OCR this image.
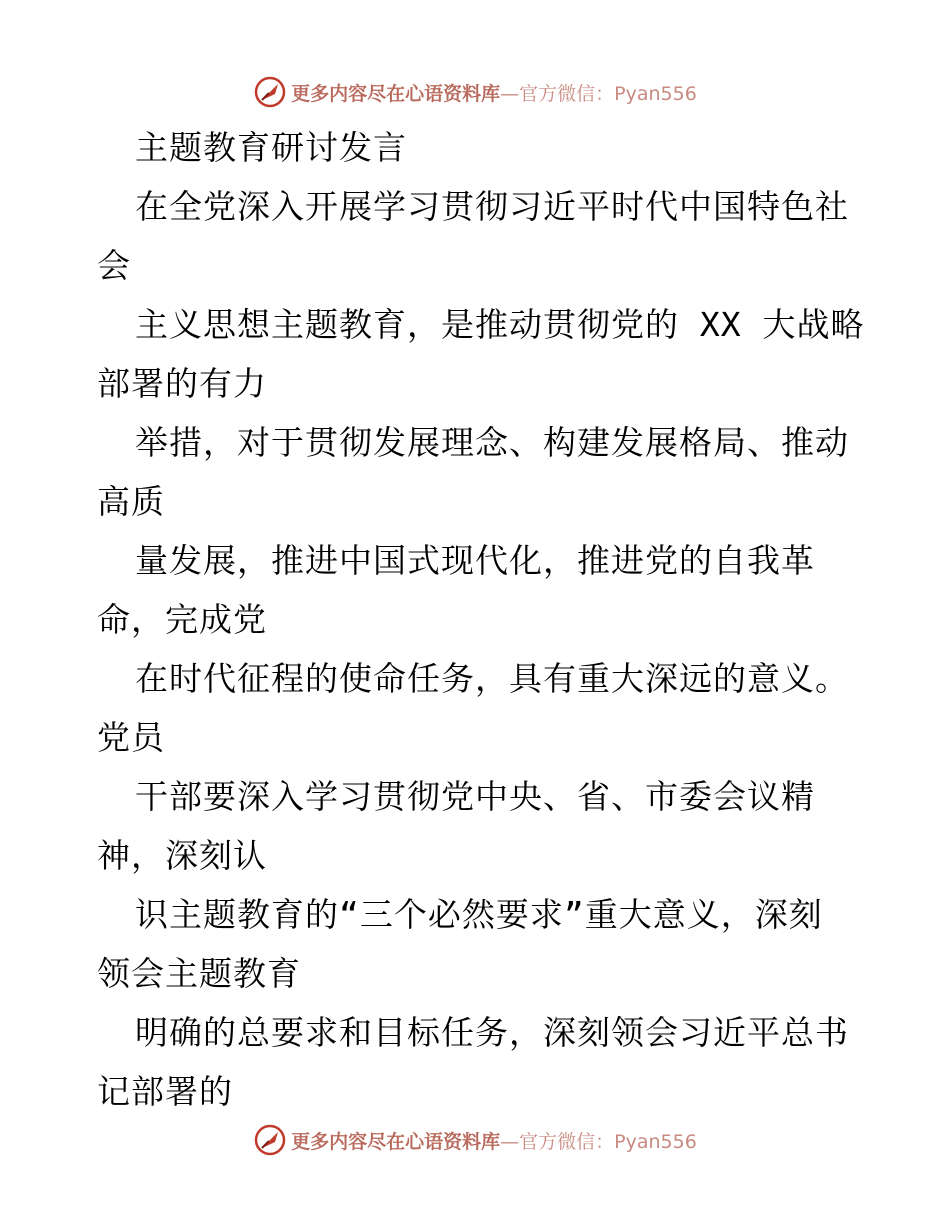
更多内容尽在心语资料库 —官方微信：Pyan556
主题教育研讨发言
在全党深入开展学习贯彻习近平时代中国特色社
会
主义思想主题教育，是推动贯彻党的 XX 大战略
部署的有力
举措，对于贯彻发展理念、构建发展格局、推动
高质
量发展，推进中国式现代化，推进党的自我革
命，完成党
在时代征程的使命任务，具有重大深远的意义。
党员
干部要深入学习贯彻党中央、省、市委会议精
神，深刻认
识主题教育的“三个必然要求”重大意义，深刻
领会主题教育
明确的总要求和目标任务，深刻领会习近平总书
记部署的
更多内容尽在心语资料库 —官方微信：Pyan556
